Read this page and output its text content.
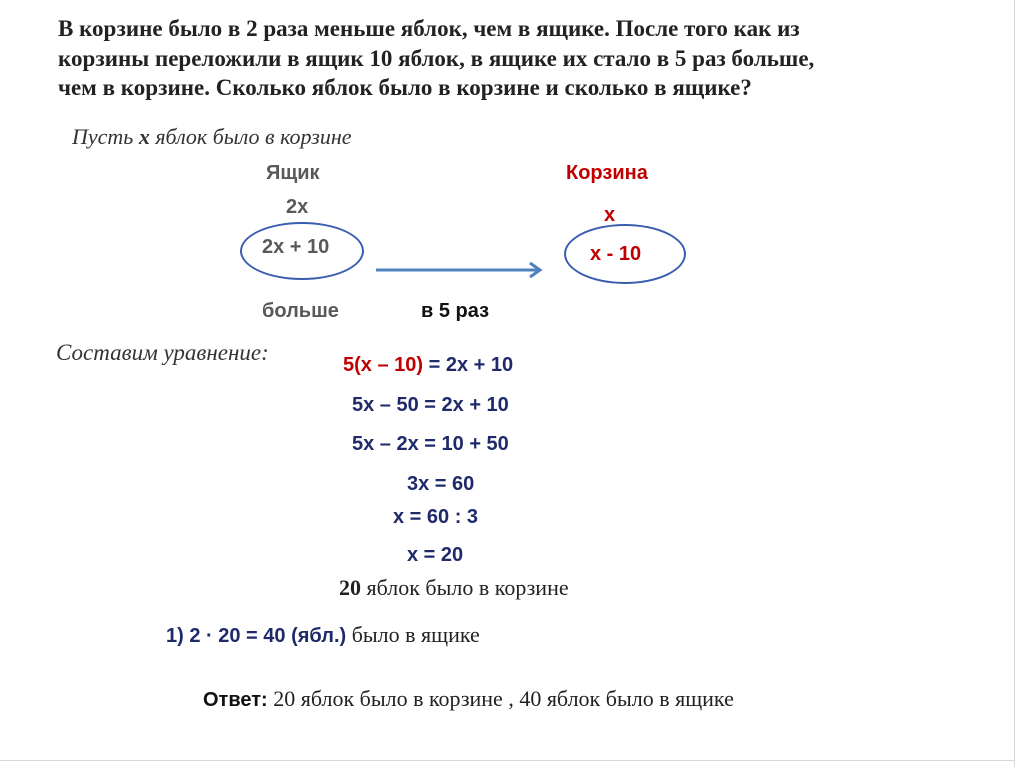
В корзине было в 2 раза меньше яблок, чем в ящике. После того как из
корзины переложили в ящик 10 яблок, в ящике их стало в 5 раз больше,
чем в корзине. Сколько яблок было в корзине и сколько в ящике?
Пусть x яблок было в корзине
Ящик
2x
2x + 10
Корзина
x
x - 10
больше	в 5 раз
Составим уравнение:	5(x – 10) = 2x + 10
5x – 50 = 2x + 10
5x – 2x = 10 + 50
3x = 60
x = 60 : 3
x = 20
20 яблок было в корзине
1) 2 · 20 = 40 (ябл.) было в ящике
Ответ: 20 яблок было в корзине , 40 яблок было в ящике
